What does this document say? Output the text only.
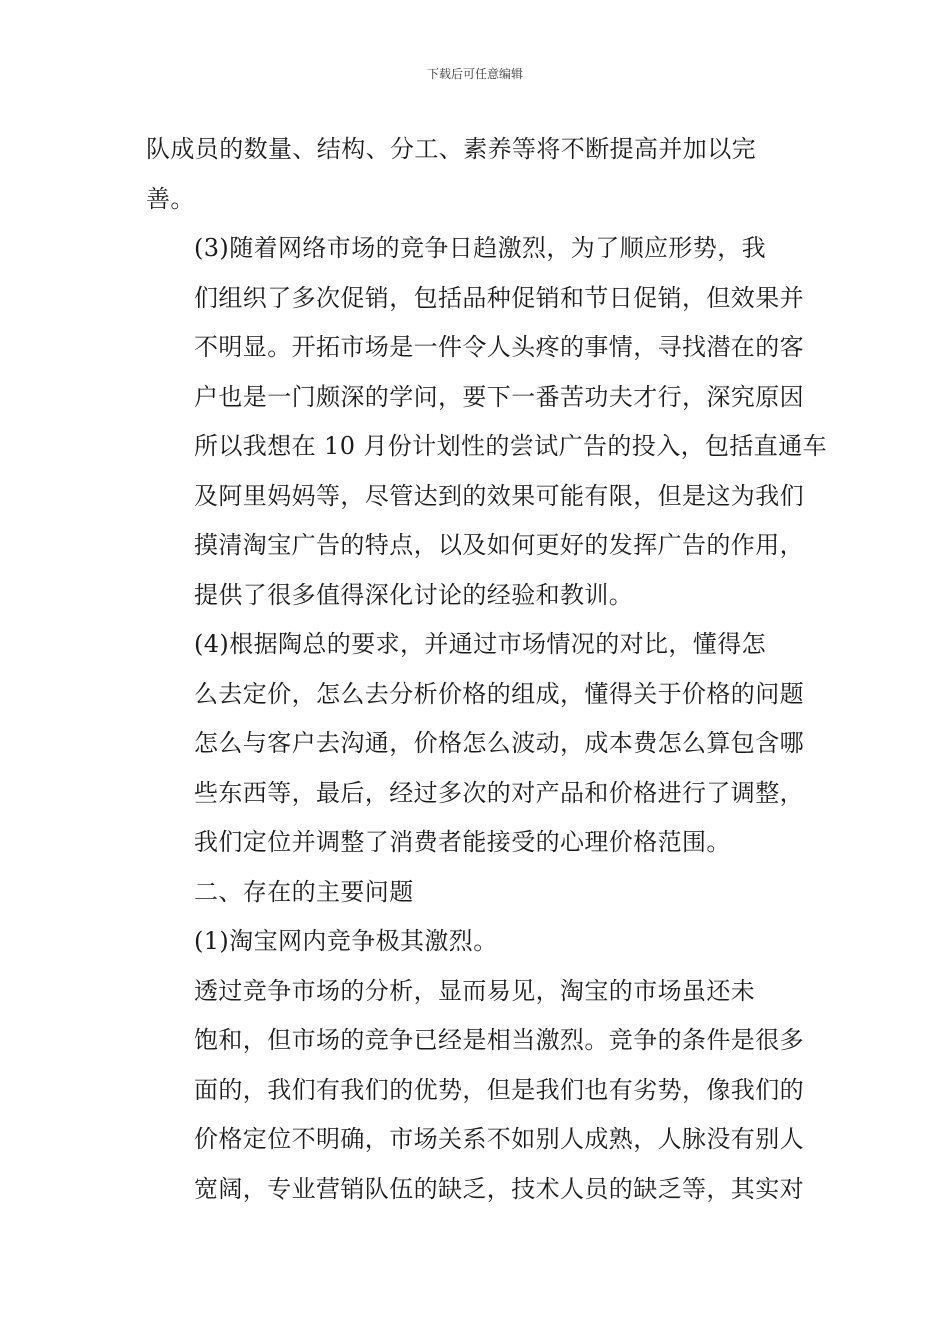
下载后可任意编辑

队成员的数量、结构、分工、素养等将不断提高并加以完
善。

(3)随着网络市场的竞争日趋激烈，为了顺应形势，我
们组织了多次促销，包括品种促销和节日促销，但效果并
不明显。开拓市场是一件令人头疼的事情，寻找潜在的客
户也是一门颇深的学问，要下一番苦功夫才行，深究原因
所以我想在 10 月份计划性的尝试广告的投入，包括直通车
及阿里妈妈等，尽管达到的效果可能有限，但是这为我们
摸清淘宝广告的特点，以及如何更好的发挥广告的作用，
提供了很多值得深化讨论的经验和教训。

(4)根据陶总的要求，并通过市场情况的对比，懂得怎
么去定价，怎么去分析价格的组成，懂得关于价格的问题
怎么与客户去沟通，价格怎么波动，成本费怎么算包含哪
些东西等，最后，经过多次的对产品和价格进行了调整，
我们定位并调整了消费者能接受的心理价格范围。

二、存在的主要问题

(1)淘宝网内竞争极其激烈。

透过竞争市场的分析，显而易见，淘宝的市场虽还未
饱和，但市场的竞争已经是相当激烈。竞争的条件是很多
面的，我们有我们的优势，但是我们也有劣势，像我们的
价格定位不明确，市场关系不如别人成熟，人脉没有别人
宽阔，专业营销队伍的缺乏，技术人员的缺乏等，其实对
